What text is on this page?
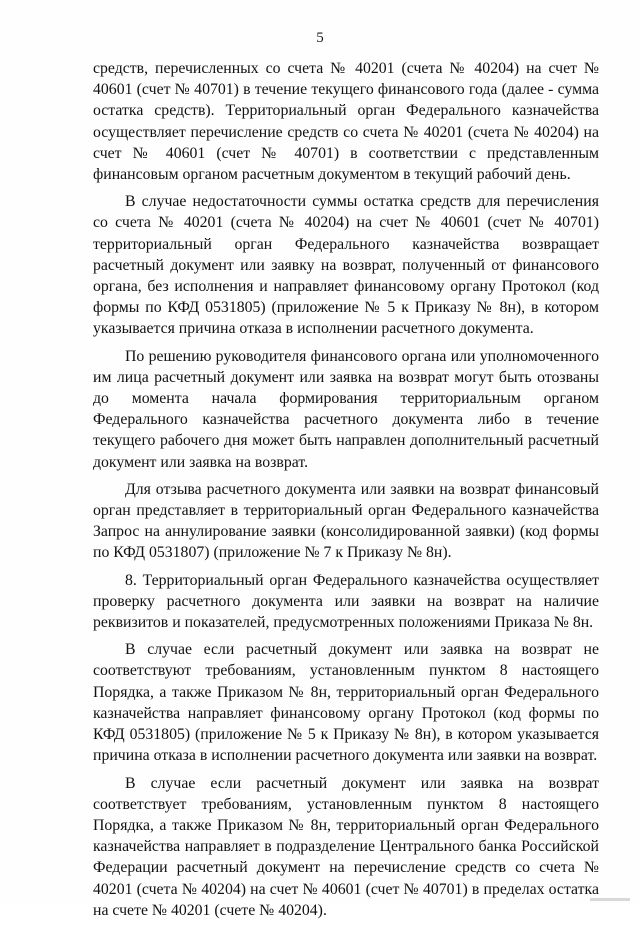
5

средств, перечисленных со счета № 40201 (счета № 40204) на счет № 40601 (счет № 40701) в течение текущего финансового года (далее - сумма остатка средств). Территориальный орган Федерального казначейства осуществляет перечисление средств со счета № 40201 (счета № 40204) на счет № 40601 (счет № 40701) в соответствии с представленным финансовым органом расчетным документом в текущий рабочий день.

В случае недостаточности суммы остатка средств для перечисления со счета № 40201 (счета № 40204) на счет № 40601 (счет № 40701) территориальный орган Федерального казначейства возвращает расчетный документ или заявку на возврат, полученный от финансового органа, без исполнения и направляет финансовому органу Протокол (код формы по КФД 0531805) (приложение № 5 к Приказу № 8н), в котором указывается причина отказа в исполнении расчетного документа.

По решению руководителя финансового органа или уполномоченного им лица расчетный документ или заявка на возврат могут быть отозваны до момента начала формирования территориальным органом Федерального казначейства расчетного документа либо в течение текущего рабочего дня может быть направлен дополнительный расчетный документ или заявка на возврат.

Для отзыва расчетного документа или заявки на возврат финансовый орган представляет в территориальный орган Федерального казначейства Запрос на аннулирование заявки (консолидированной заявки) (код формы по КФД 0531807) (приложение № 7 к Приказу № 8н).

8. Территориальный орган Федерального казначейства осуществляет проверку расчетного документа или заявки на возврат на наличие реквизитов и показателей, предусмотренных положениями Приказа № 8н.

В случае если расчетный документ или заявка на возврат не соответствуют требованиям, установленным пунктом 8 настоящего Порядка, а также Приказом № 8н, территориальный орган Федерального казначейства направляет финансовому органу Протокол (код формы по КФД 0531805) (приложение № 5 к Приказу № 8н), в котором указывается причина отказа в исполнении расчетного документа или заявки на возврат.

В случае если расчетный документ или заявка на возврат соответствует требованиям, установленным пунктом 8 настоящего Порядка, а также Приказом № 8н, территориальный орган Федерального казначейства направляет в подразделение Центрального банка Российской Федерации расчетный документ на перечисление средств со счета № 40201 (счета № 40204) на счет № 40601 (счет № 40701) в пределах остатка на счете № 40201 (счете № 40204).
